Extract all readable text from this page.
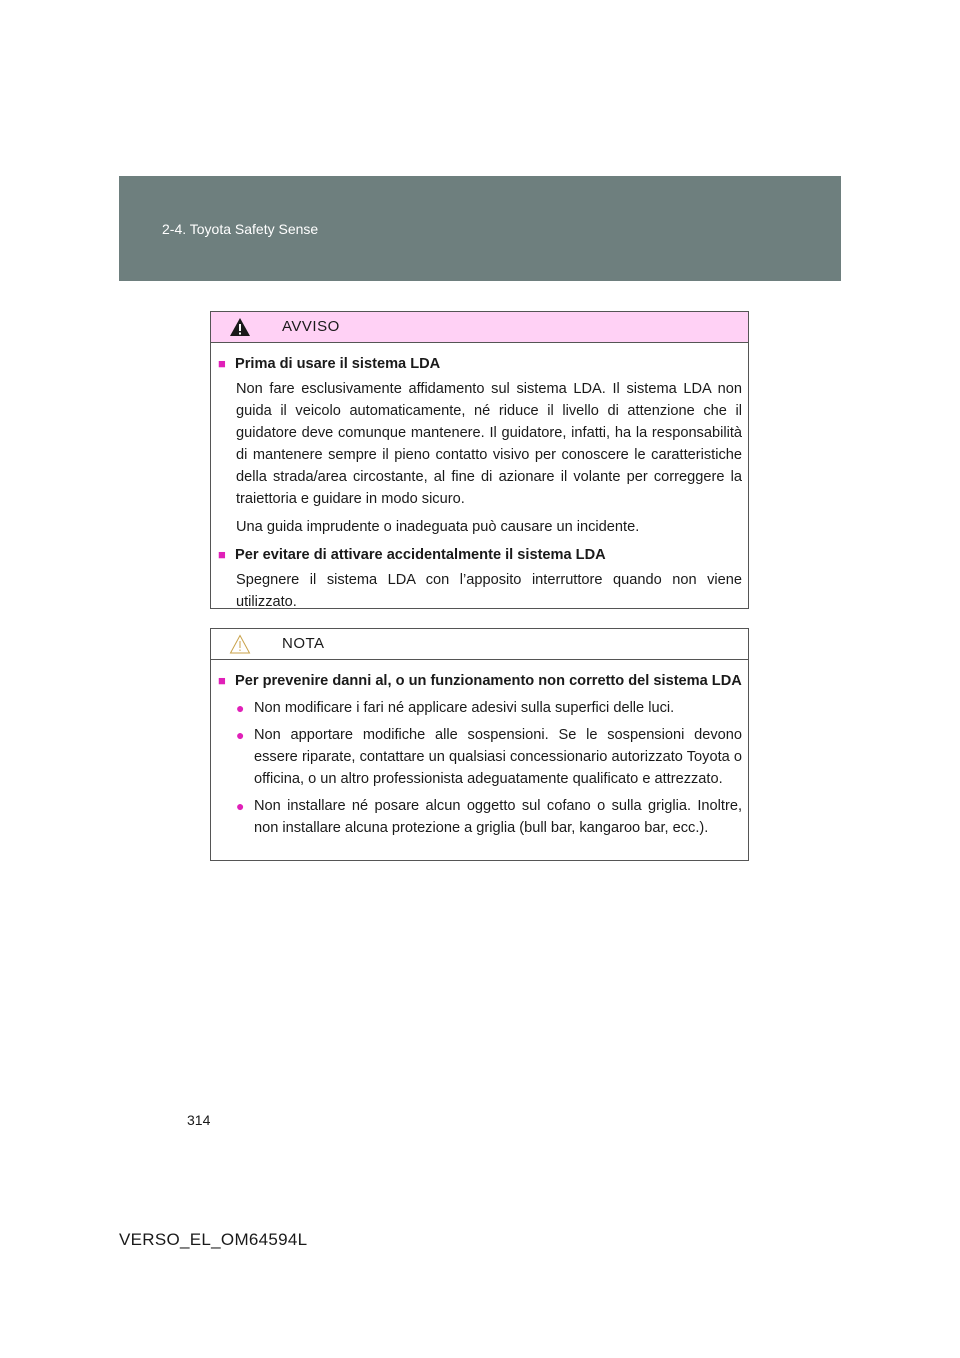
2-4. Toyota Safety Sense
AVVISO
■ Prima di usare il sistema LDA
Non fare esclusivamente affidamento sul sistema LDA. Il sistema LDA non guida il veicolo automaticamente, né riduce il livello di attenzione che il guidatore deve comunque mantenere. Il guidatore, infatti, ha la responsabilità di mantenere sempre il pieno contatto visivo per conoscere le caratteristiche della strada/area circostante, al fine di azionare il volante per correggere la traiettoria e guidare in modo sicuro.
Una guida imprudente o inadeguata può causare un incidente.
■ Per evitare di attivare accidentalmente il sistema LDA
Spegnere il sistema LDA con l’apposito interruttore quando non viene utilizzato.
NOTA
■ Per prevenire danni al, o un funzionamento non corretto del sistema LDA
● Non modificare i fari né applicare adesivi sulla superfici delle luci.
● Non apportare modifiche alle sospensioni. Se le sospensioni devono essere riparate, contattare un qualsiasi concessionario autorizzato Toyota o officina, o un altro professionista adeguatamente qualificato e attrezzato.
● Non installare né posare alcun oggetto sul cofano o sulla griglia. Inoltre, non installare alcuna protezione a griglia (bull bar, kangaroo bar, ecc.).
314
VERSO_EL_OM64594L
